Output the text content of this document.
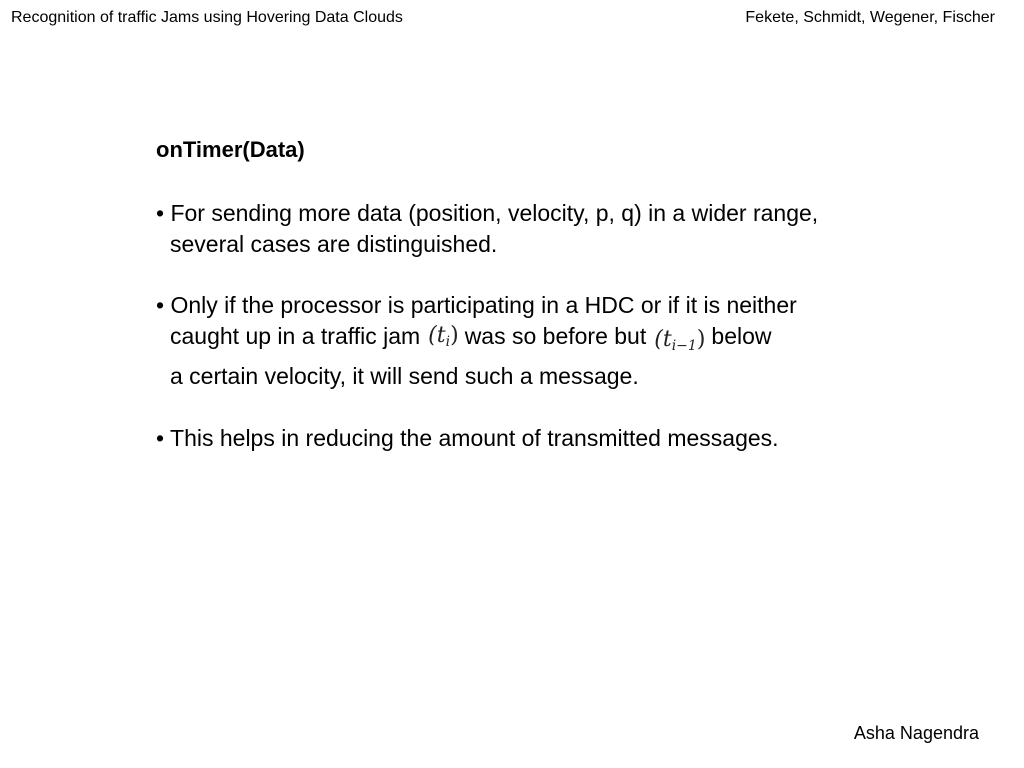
Recognition of traffic Jams using Hovering Data Clouds	Fekete, Schmidt, Wegener, Fischer
onTimer(Data)
• For sending more data (position, velocity, p, q) in a wider range,
several cases are distinguished.
• Only if the processor is participating in a HDC or if it is neither
caught up in a traffic jam $(t_i)$ was so before but $(t_{i-1})$ below
a certain velocity, it will send such a message.
• This helps in reducing the amount of transmitted messages.
Asha Nagendra
